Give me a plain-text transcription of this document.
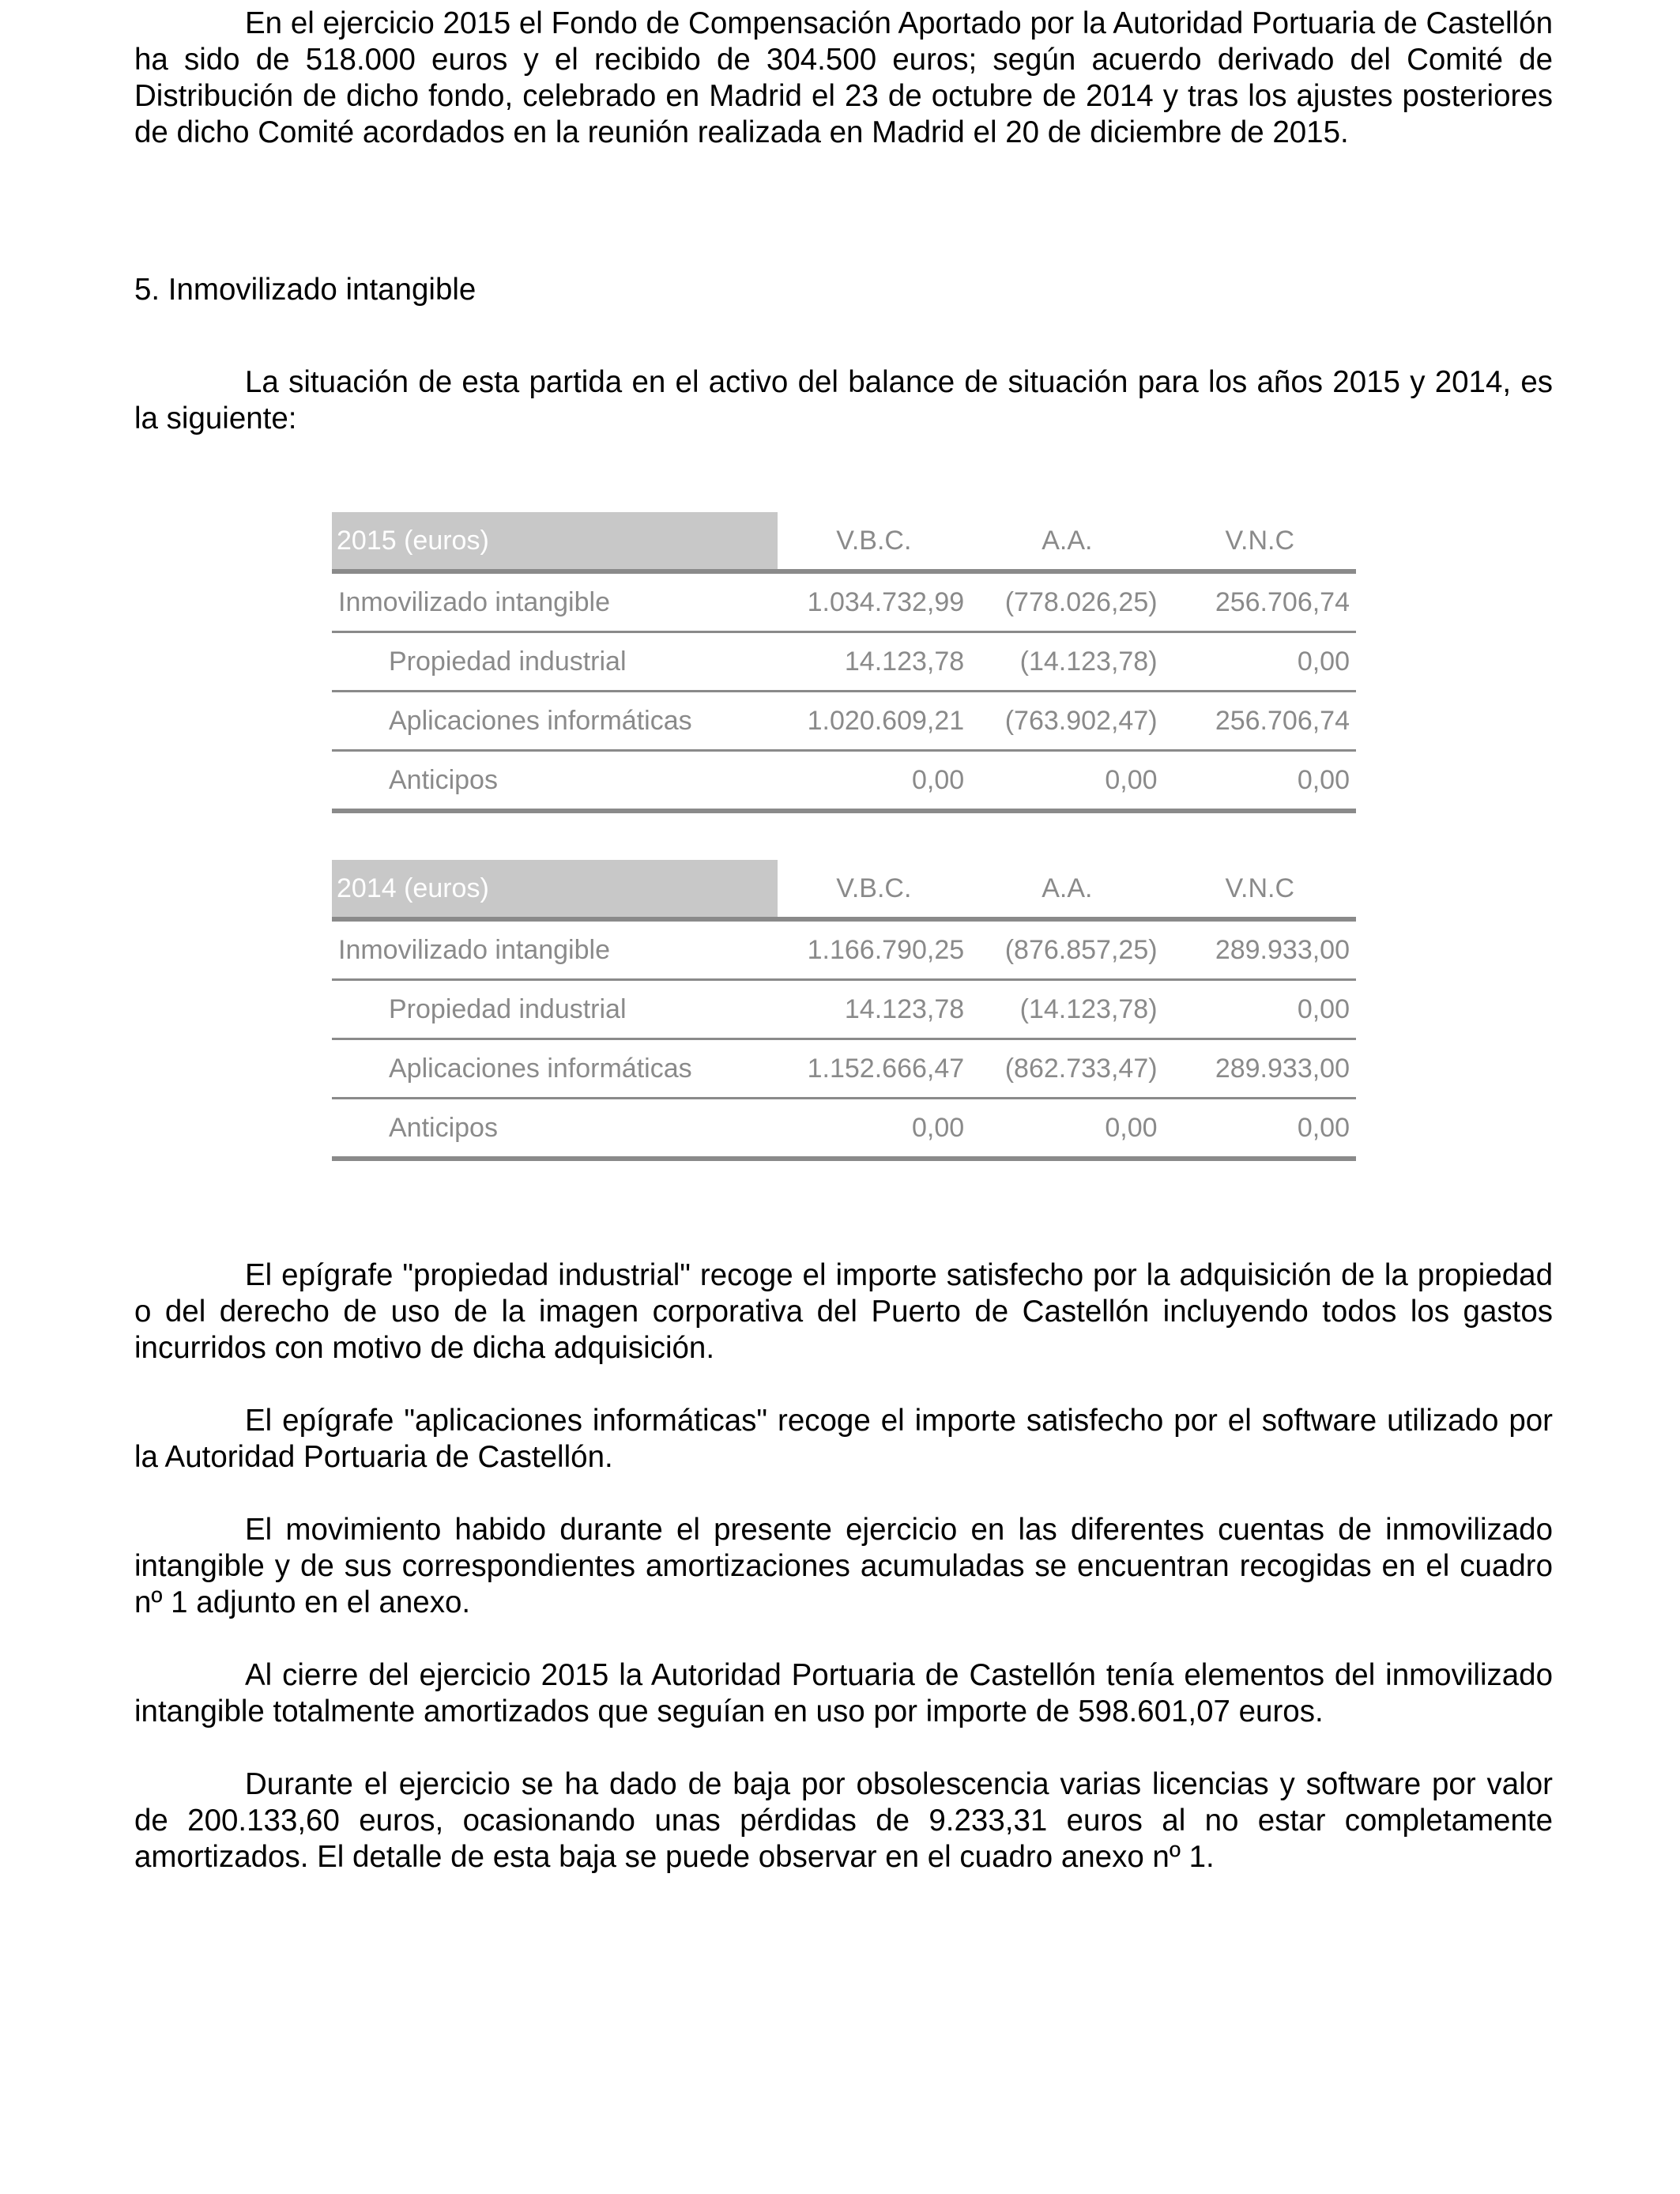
En el ejercicio 2015 el Fondo de Compensación Aportado por la Autoridad Portuaria de Castellón ha sido de 518.000 euros y el recibido de 304.500 euros; según acuerdo derivado del Comité de Distribución de dicho fondo, celebrado en Madrid el 23 de octubre de 2014 y tras los ajustes posteriores de dicho Comité acordados en la reunión realizada en Madrid el 20 de diciembre de 2015.

5. Inmovilizado intangible

La situación de esta partida en el activo del balance de situación para los años 2015 y 2014, es la siguiente:

2015 (euros)	V.B.C.	A.A.	V.N.C
Inmovilizado intangible	1.034.732,99	(778.026,25)	256.706,74
Propiedad industrial	14.123,78	(14.123,78)	0,00
Aplicaciones informáticas	1.020.609,21	(763.902,47)	256.706,74
Anticipos	0,00	0,00	0,00
2014 (euros)	V.B.C.	A.A.	V.N.C
Inmovilizado intangible	1.166.790,25	(876.857,25)	289.933,00
Propiedad industrial	14.123,78	(14.123,78)	0,00
Aplicaciones informáticas	1.152.666,47	(862.733,47)	289.933,00
Anticipos	0,00	0,00	0,00

El epígrafe "propiedad industrial" recoge el importe satisfecho por la adquisición de la propiedad o del derecho de uso de la imagen corporativa del Puerto de Castellón incluyendo todos los gastos incurridos con motivo de dicha adquisición.

El epígrafe "aplicaciones informáticas" recoge el importe satisfecho por el software utilizado por la Autoridad Portuaria de Castellón.

El movimiento habido durante el presente ejercicio en las diferentes cuentas de inmovilizado intangible y de sus correspondientes amortizaciones acumuladas se encuentran recogidas en el cuadro nº 1 adjunto en el anexo.

Al cierre del ejercicio 2015 la Autoridad Portuaria de Castellón tenía elementos del inmovilizado intangible totalmente amortizados que seguían en uso por importe de 598.601,07 euros.

Durante el ejercicio se ha dado de baja por obsolescencia varias licencias y software por valor de 200.133,60 euros, ocasionando unas pérdidas de 9.233,31 euros al no estar completamente amortizados. El detalle de esta baja se puede observar en el cuadro anexo nº 1.
